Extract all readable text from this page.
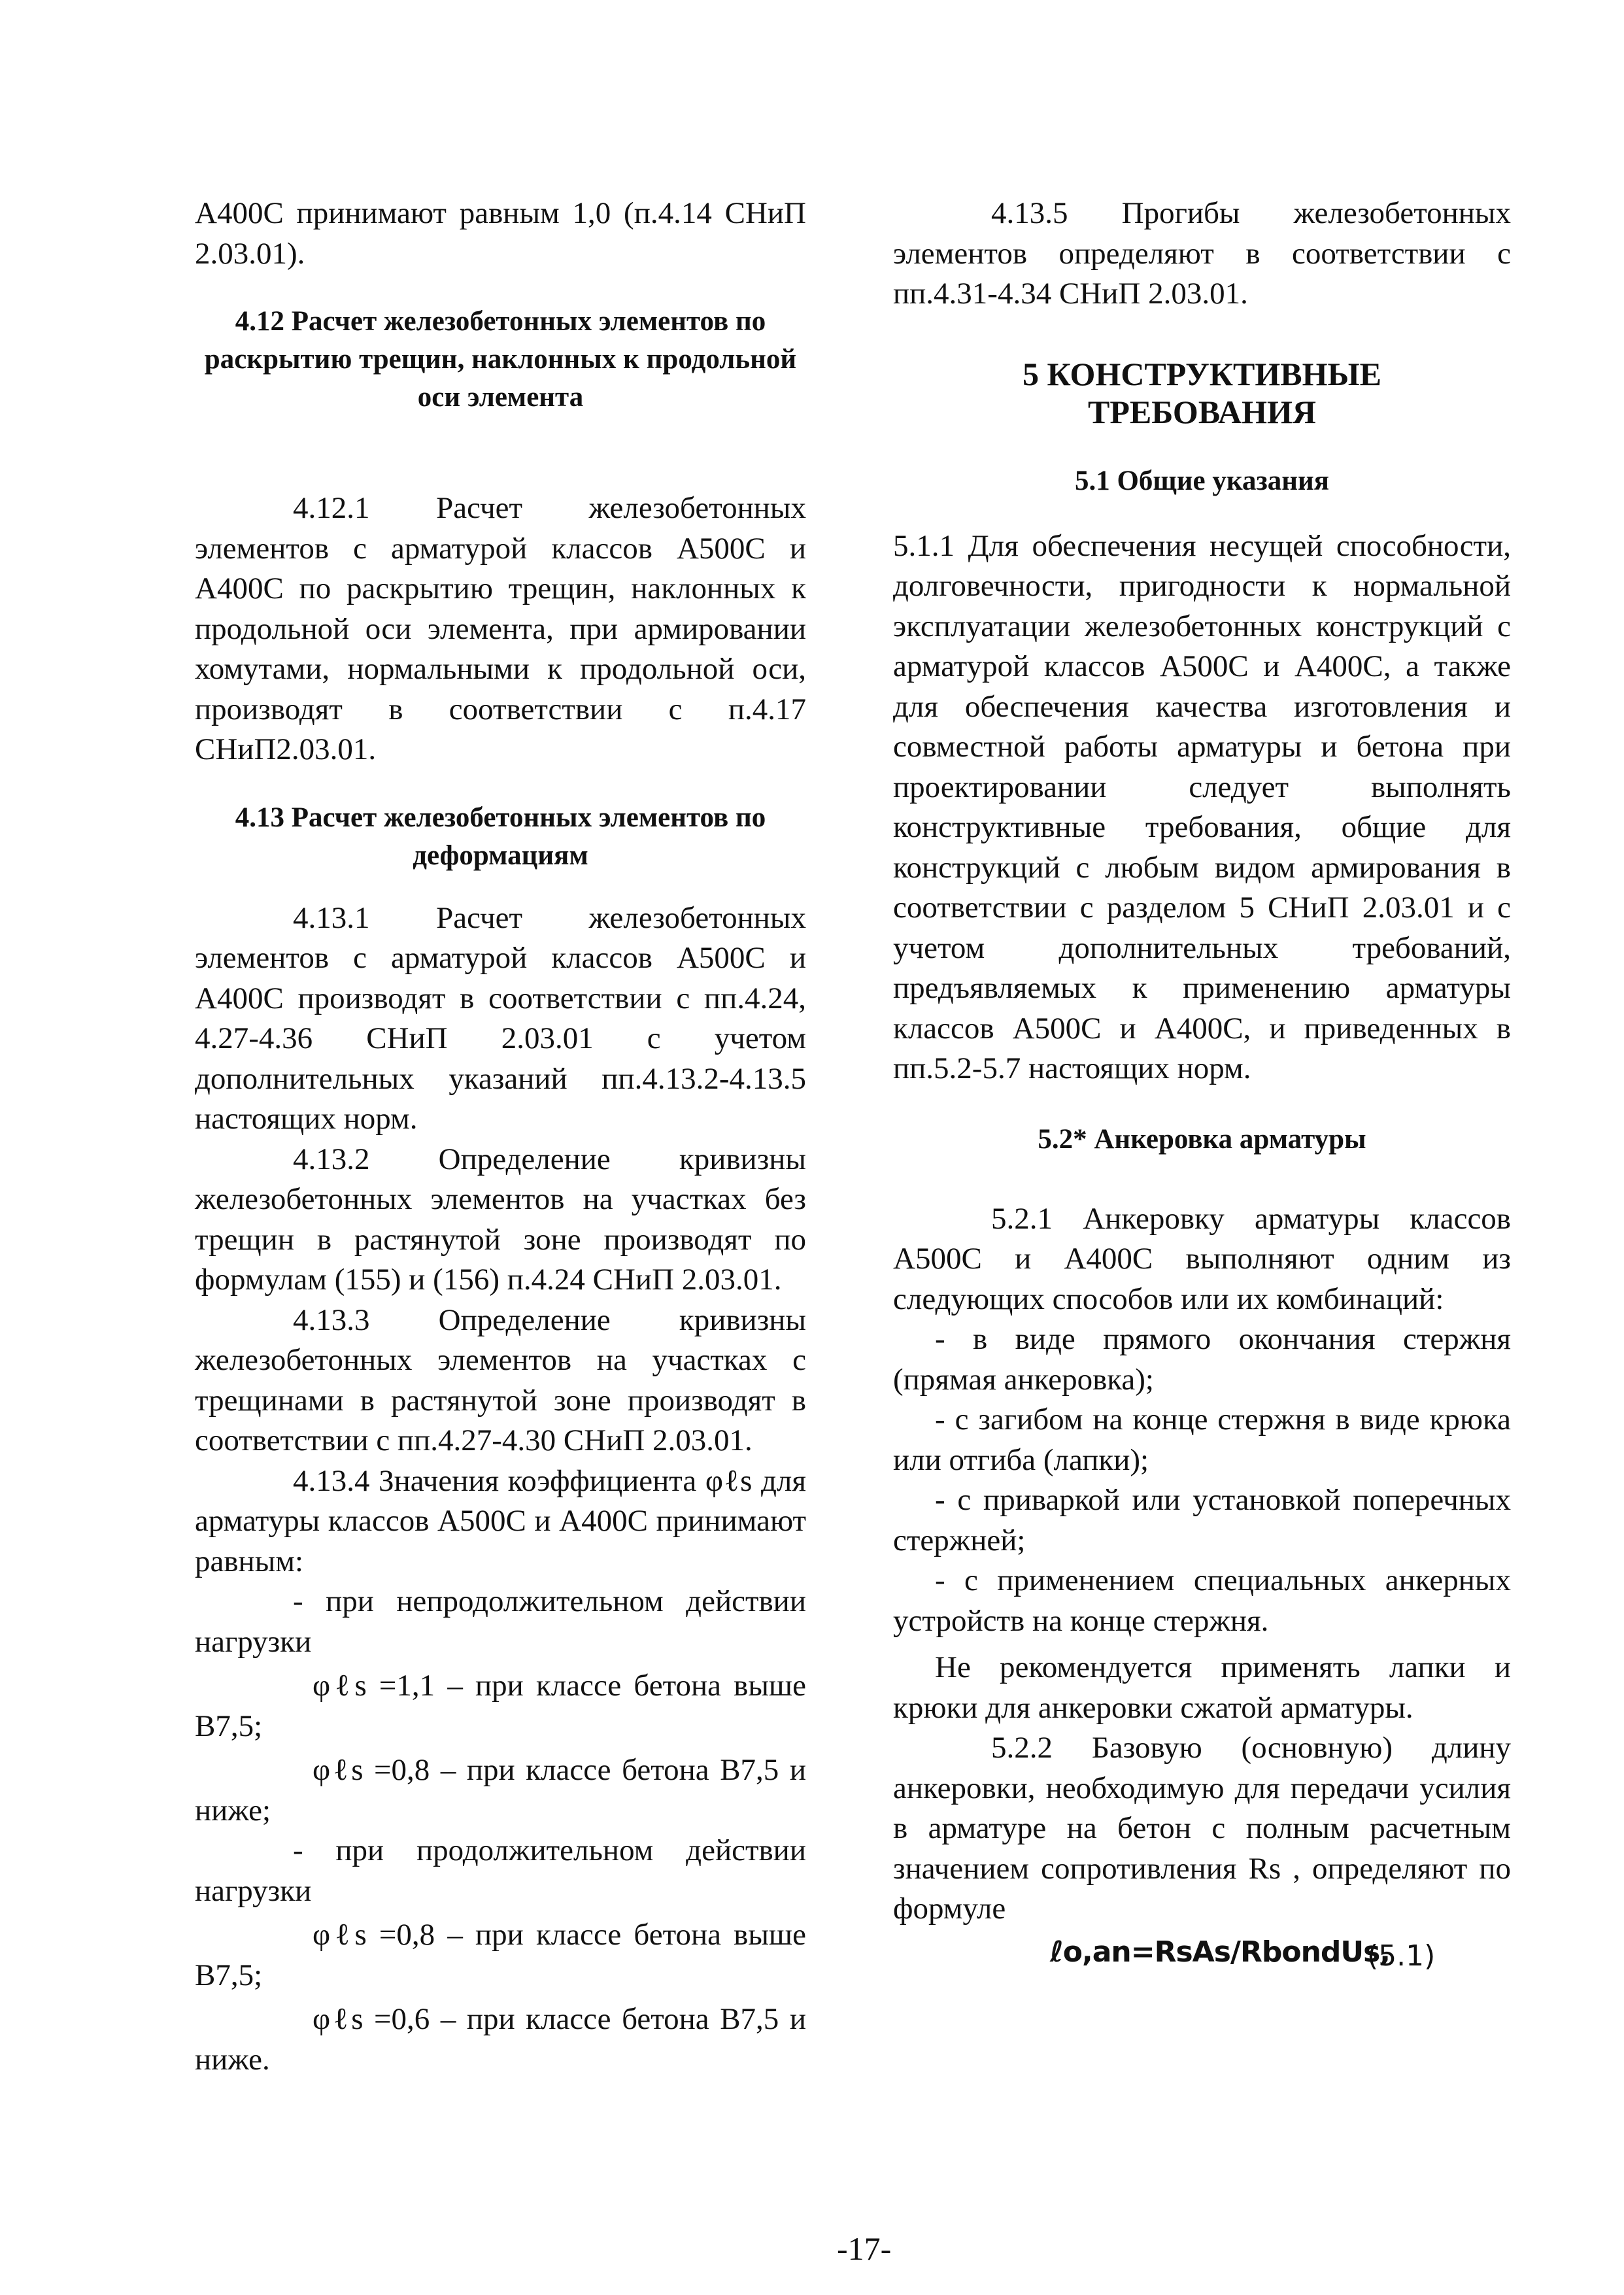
А400С принимают равным 1,0 (п.4.14 СНиП 2.03.01).

4.12 Расчет железобетонных элементов по раскрытию трещин, наклонных к продольной оси элемента

4.12.1 Расчет железобетонных элементов с арматурой классов А500С и А400С по раскрытию трещин, наклонных к продольной оси элемента, при армировании хомутами, нормальными к продольной оси, производят в соответствии с п.4.17 СНиП2.03.01.

4.13 Расчет железобетонных элементов по деформациям

4.13.1 Расчет железобетонных элементов с арматурой классов А500С и А400С производят в соответствии с пп.4.24, 4.27-4.36 СНиП 2.03.01 с учетом дополнительных указаний пп.4.13.2-4.13.5 настоящих норм.

4.13.2 Определение кривизны железобетонных элементов на участках без трещин в растянутой зоне производят по формулам (155) и (156) п.4.24 СНиП 2.03.01.

4.13.3 Определение кривизны железобетонных элементов на участках с трещинами в растянутой зоне производят в соответствии с пп.4.27-4.30 СНиП 2.03.01.

4.13.4 Значения коэффициента φℓs для арматуры классов А500С и А400С принимают равным:

- при непродолжительном действии нагрузки

φℓs =1,1 – при классе бетона выше В7,5;

φℓs =0,8 – при классе бетона В7,5 и ниже;

- при продолжительном действии нагрузки

φℓs =0,8 – при классе бетона выше В7,5;

φℓs =0,6 – при классе бетона В7,5 и ниже.

4.13.5 Прогибы железобетонных элементов определяют в соответствии с пп.4.31-4.34 СНиП 2.03.01.

5 КОНСТРУКТИВНЫЕ
ТРЕБОВАНИЯ
5.1 Общие указания

5.1.1 Для обеспечения несущей способности, долговечности, пригодности к нормальной эксплуатации железобетонных конструкций с арматурой классов А500С и А400С, а также для обеспечения качества изготовления и совместной работы арматуры и бетона при проектировании следует выполнять конструктивные требования, общие для конструкций с любым видом армирования в соответствии с разделом 5 СНиП 2.03.01 и с учетом дополнительных требований, предъявляемых к применению арматуры классов А500С и А400С, и приведенных в пп.5.2-5.7 настоящих норм.

5.2* Анкеровка арматуры

5.2.1 Анкеровку арматуры классов А500С и А400С выполняют одним из следующих способов или их комбинаций:

- в виде прямого окончания стержня (прямая анкеровка);

- с загибом на конце стержня в виде крюка или отгиба (лапки);

- с приваркой или установкой поперечных стержней;

- с применением специальных анкерных устройств на конце стержня.

Не рекомендуется применять лапки и крюки для анкеровки сжатой арматуры.

5.2.2 Базовую (основную) длину анкеровки, необходимую для передачи усилия в арматуре на бетон с полным расчетным значением сопротивления Rs , определяют по формуле

ℓo,an=RsAs/RbondUs,
(5.1)
-17-
